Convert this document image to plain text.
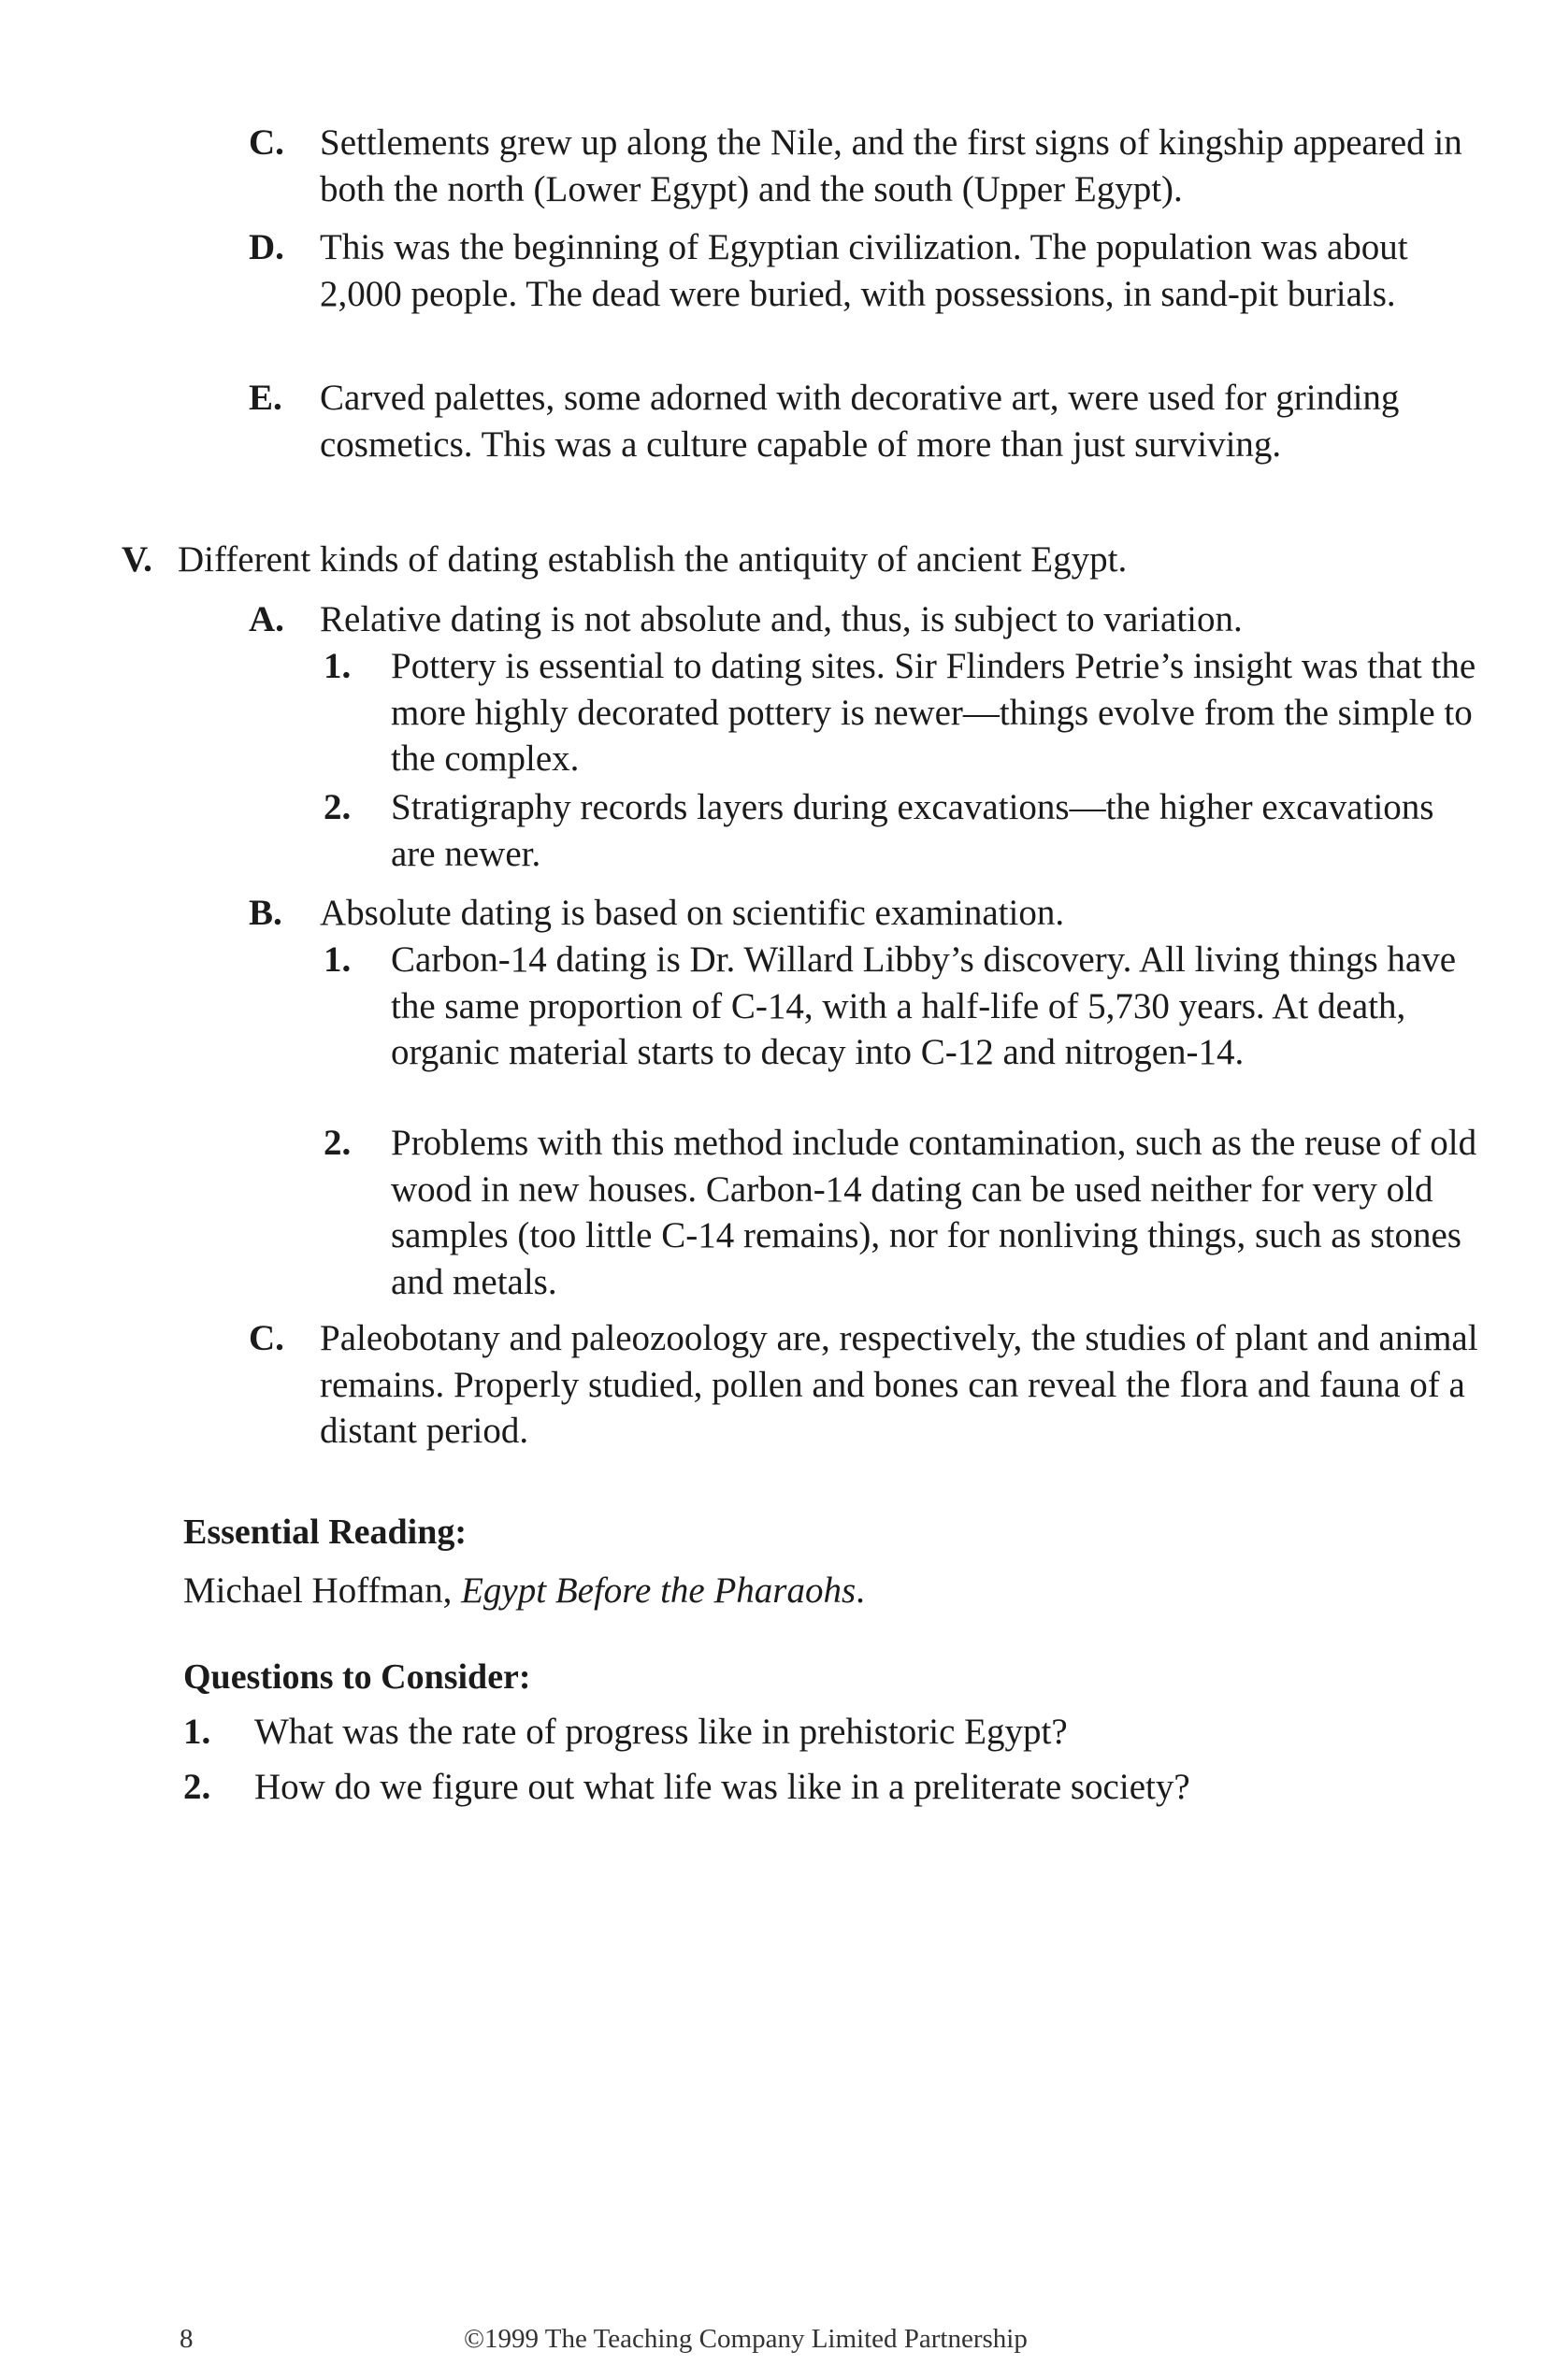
C. Settlements grew up along the Nile, and the first signs of kingship appeared in both the north (Lower Egypt) and the south (Upper Egypt).
D. This was the beginning of Egyptian civilization. The population was about 2,000 people. The dead were buried, with possessions, in sand-pit burials.
E. Carved palettes, some adorned with decorative art, were used for grinding cosmetics. This was a culture capable of more than just surviving.
V. Different kinds of dating establish the antiquity of ancient Egypt.
A. Relative dating is not absolute and, thus, is subject to variation.
1. Pottery is essential to dating sites. Sir Flinders Petrie’s insight was that the more highly decorated pottery is newer—things evolve from the simple to the complex.
2. Stratigraphy records layers during excavations—the higher excavations are newer.
B. Absolute dating is based on scientific examination.
1. Carbon-14 dating is Dr. Willard Libby’s discovery. All living things have the same proportion of C-14, with a half-life of 5,730 years. At death, organic material starts to decay into C-12 and nitrogen-14.
2. Problems with this method include contamination, such as the reuse of old wood in new houses. Carbon-14 dating can be used neither for very old samples (too little C-14 remains), nor for nonliving things, such as stones and metals.
C. Paleobotany and paleozoology are, respectively, the studies of plant and animal remains. Properly studied, pollen and bones can reveal the flora and fauna of a distant period.
Essential Reading:
Michael Hoffman, Egypt Before the Pharaohs.
Questions to Consider:
1. What was the rate of progress like in prehistoric Egypt?
2. How do we figure out what life was like in a preliterate society?
8	©1999 The Teaching Company Limited Partnership
